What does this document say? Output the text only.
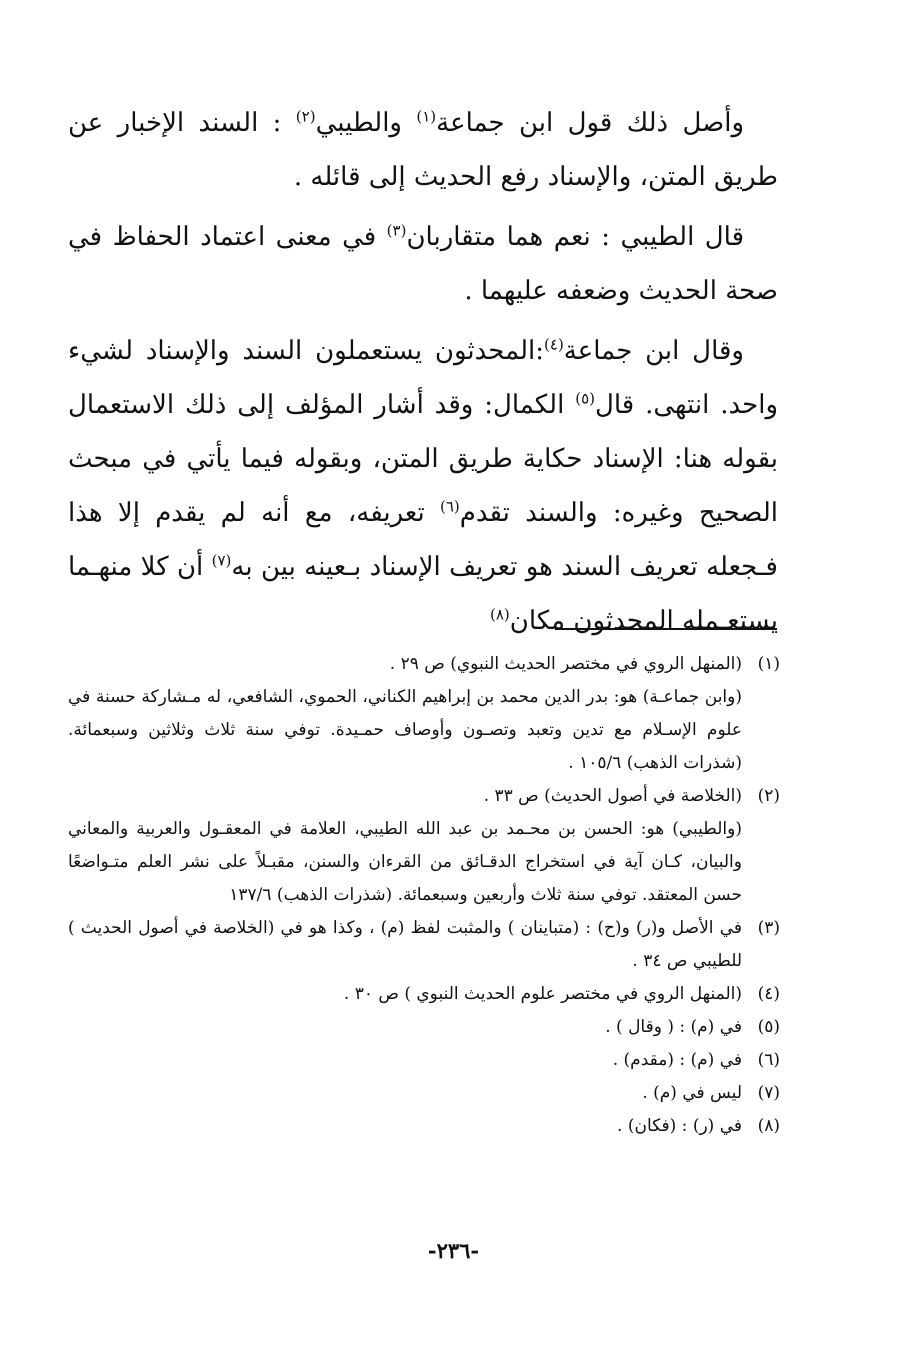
وأصل ذلك قول ابن جماعة$^{(١)}$ والطيبي$^{(٢)}$ : السند الإخبار عن طريق المتن، والإسناد رفع الحديث إلى قائله .

قال الطيبي : نعم هما متقاربان$^{(٣)}$ في معنى اعتماد الحفاظ في صحة الحديث وضعفه عليهما .

وقال ابن جماعة$^{(٤)}$:المحدثون يستعملون السند والإسناد لشيء واحد. انتهى. قال$^{(٥)}$ الكمال: وقد أشار المؤلف إلى ذلك الاستعمال بقوله هنا: الإسناد حكاية طريق المتن، وبقوله فيما يأتي في مبحث الصحيح وغيره: والسند تقدم$^{(٦)}$ تعريفه، مع أنه لم يقدم إلا هذا فـجعله تعريف السند هو تعريف الإسناد بـعينه بين به$^{(٧)}$ أن كلا منهـما يستعـمله المحدثون مكان$^{(٨)}$

(١)
(المنهل الروي في مختصر الحديث النبوي) ص ٢٩ .
(وابن جماعـة) هو: بدر الدين محمد بن إبراهيم الكناني، الحموي، الشافعي، له مـشاركة حسنة في علوم الإسـلام مع تدين وتعبد وتصـون وأوصاف حمـيدة. توفي سنة ثلاث وثلاثين وسبعمائة. (شذرات الذهب) ١٠٥/٦ .
(٢)
(الخلاصة في أصول الحديث) ص ٣٣ .
(والطيبي) هو: الحسن بن محـمد بن عبد الله الطيبي، العلامة في المعقـول والعربية والمعاني والبيان، كـان آية في استخراج الدقـائق من القرءان والسنن، مقبـلاً على نشر العلم متـواضعًا حسن المعتقد. توفي سنة ثلاث وأربعين وسبعمائة. (شذرات الذهب) ١٣٧/٦
(٣)
في الأصل و(ر) و(ح) : (متباينان ) والمثبت لفظ (م) ، وكذا هو في (الخلاصة في أصول الحديث ) للطيبي ص ٣٤ .
(٤)
(المنهل الروي في مختصر علوم الحديث النبوي ) ص ٣٠ .
(٥)
في (م) : ( وقال ) .
(٦)
في (م) : (مقدم) .
(٧)
ليس في (م) .
(٨)
في (ر) : (فكان) .
-٢٣٦-
